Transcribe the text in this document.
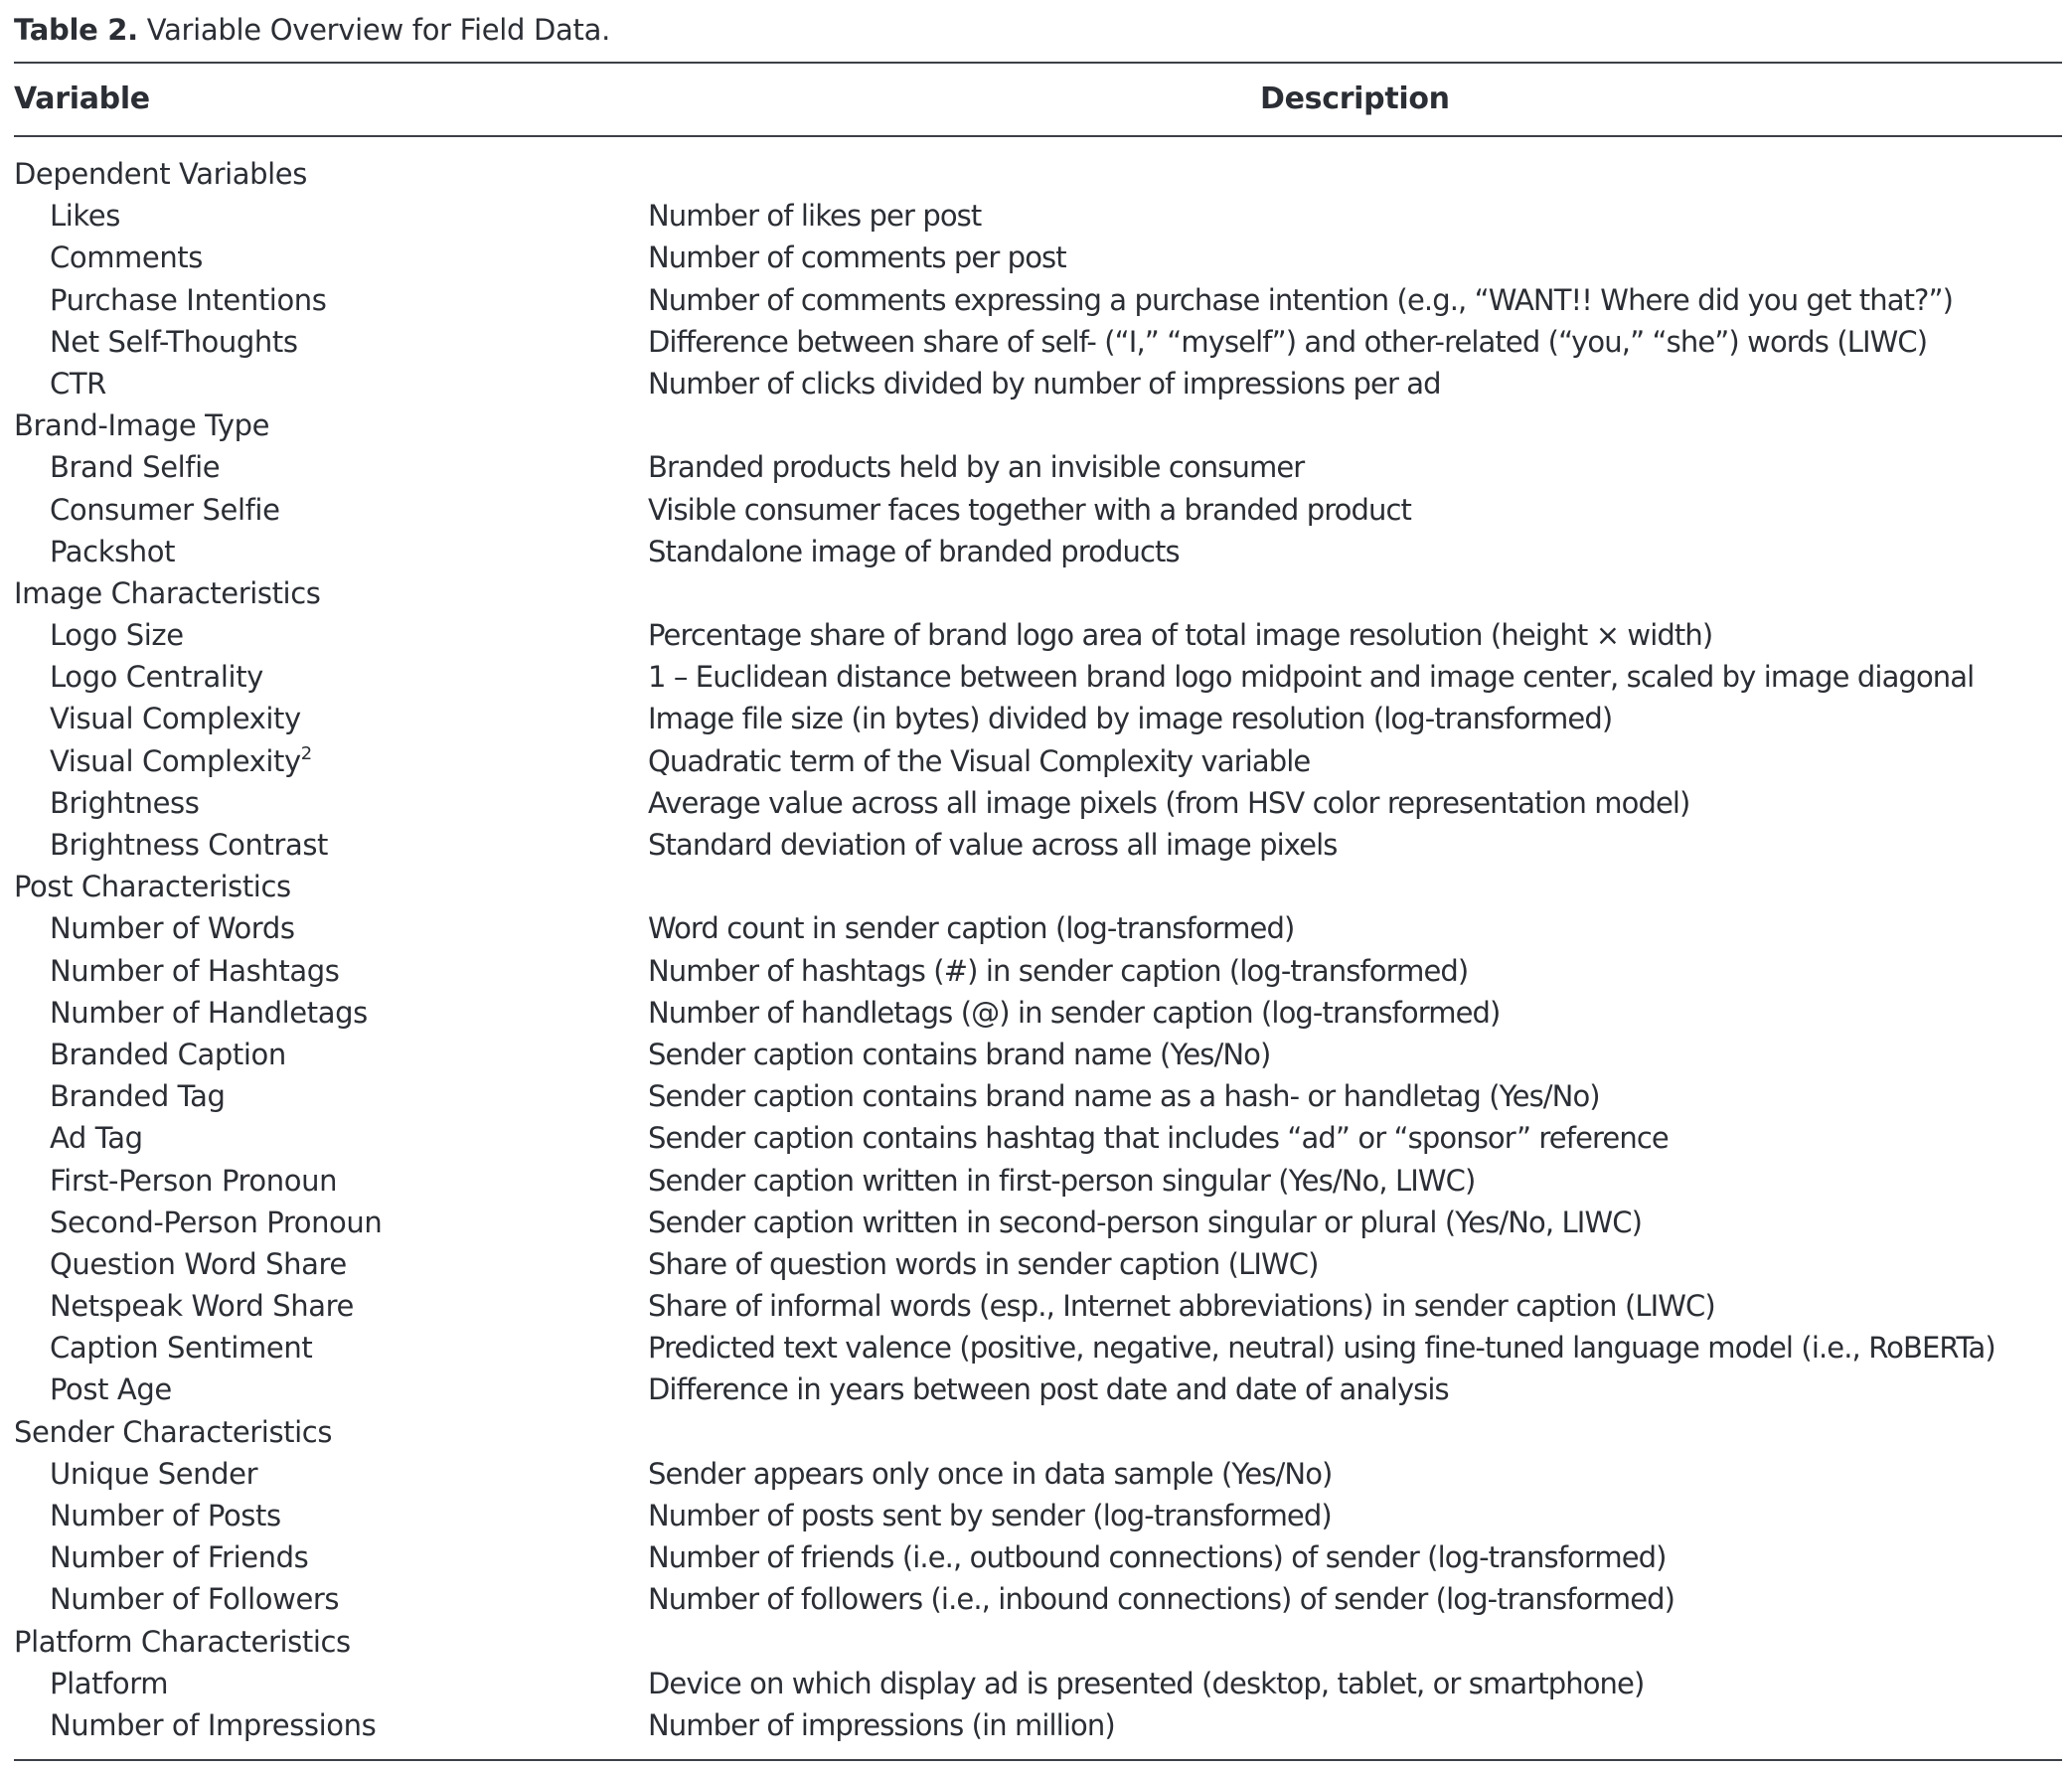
Table 2. Variable Overview for Field Data.
Variable	Description
Dependent Variables
Likes	Number of likes per post
Comments	Number of comments per post
Purchase Intentions	Number of comments expressing a purchase intention (e.g., “WANT!! Where did you get that?”)
Net Self-Thoughts	Difference between share of self- (“I,” “myself”) and other-related (“you,” “she”) words (LIWC)
CTR	Number of clicks divided by number of impressions per ad
Brand-Image Type
Brand Selfie	Branded products held by an invisible consumer
Consumer Selfie	Visible consumer faces together with a branded product
Packshot	Standalone image of branded products
Image Characteristics
Logo Size	Percentage share of brand logo area of total image resolution (height × width)
Logo Centrality	1 – Euclidean distance between brand logo midpoint and image center, scaled by image diagonal
Visual Complexity	Image file size (in bytes) divided by image resolution (log-transformed)
Visual Complexity$^2$	Quadratic term of the Visual Complexity variable
Brightness	Average value across all image pixels (from HSV color representation model)
Brightness Contrast	Standard deviation of value across all image pixels
Post Characteristics
Number of Words	Word count in sender caption (log-transformed)
Number of Hashtags	Number of hashtags (#) in sender caption (log-transformed)
Number of Handletags	Number of handletags (@) in sender caption (log-transformed)
Branded Caption	Sender caption contains brand name (Yes/No)
Branded Tag	Sender caption contains brand name as a hash- or handletag (Yes/No)
Ad Tag	Sender caption contains hashtag that includes “ad” or “sponsor” reference
First-Person Pronoun	Sender caption written in first-person singular (Yes/No, LIWC)
Second-Person Pronoun	Sender caption written in second-person singular or plural (Yes/No, LIWC)
Question Word Share	Share of question words in sender caption (LIWC)
Netspeak Word Share	Share of informal words (esp., Internet abbreviations) in sender caption (LIWC)
Caption Sentiment	Predicted text valence (positive, negative, neutral) using fine-tuned language model (i.e., RoBERTa)
Post Age	Difference in years between post date and date of analysis
Sender Characteristics
Unique Sender	Sender appears only once in data sample (Yes/No)
Number of Posts	Number of posts sent by sender (log-transformed)
Number of Friends	Number of friends (i.e., outbound connections) of sender (log-transformed)
Number of Followers	Number of followers (i.e., inbound connections) of sender (log-transformed)
Platform Characteristics
Platform	Device on which display ad is presented (desktop, tablet, or smartphone)
Number of Impressions	Number of impressions (in million)
